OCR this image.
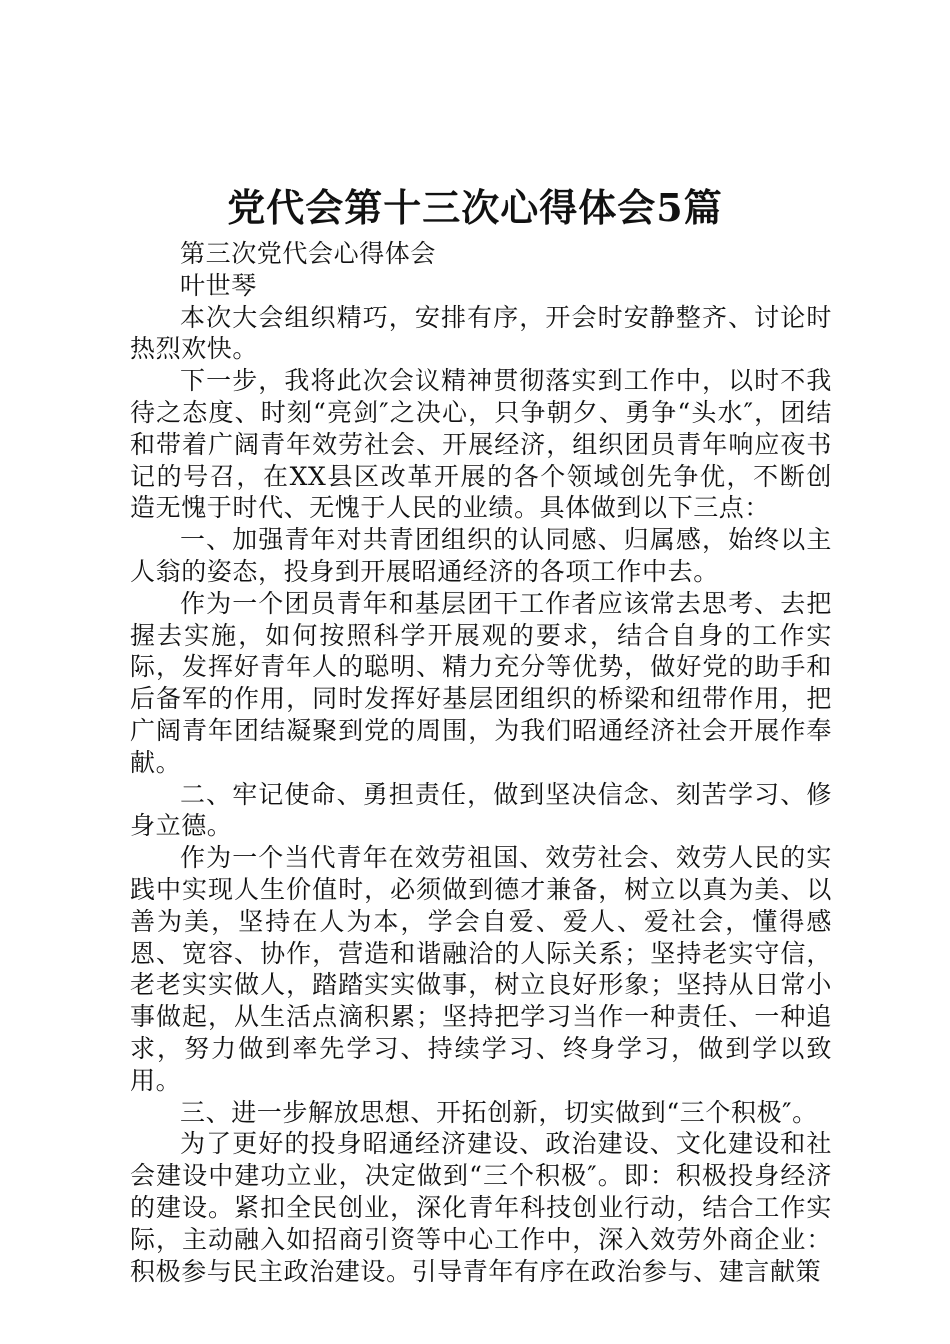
党代会第十三次心得体会5篇

第三次党代会心得体会

叶世琴

本次大会组织精巧，安排有序，开会时安静整齐、讨论时热烈欢快。

下一步，我将此次会议精神贯彻落实到工作中，以时不我待之态度、时刻“亮剑″之决心，只争朝夕、勇争“头水″，团结和带着广阔青年效劳社会、开展经济，组织团员青年响应夜书记的号召，在XX县区改革开展的各个领域创先争优，不断创造无愧于时代、无愧于人民的业绩。具体做到以下三点：

一、加强青年对共青团组织的认同感、归属感，始终以主人翁的姿态，投身到开展昭通经济的各项工作中去。

作为一个团员青年和基层团干工作者应该常去思考、去把握去实施，如何按照科学开展观的要求，结合自身的工作实际，发挥好青年人的聪明、精力充分等优势，做好党的助手和后备军的作用，同时发挥好基层团组织的桥梁和纽带作用，把广阔青年团结凝聚到党的周围，为我们昭通经济社会开展作奉献。

二、牢记使命、勇担责任，做到坚决信念、刻苦学习、修身立德。

作为一个当代青年在效劳祖国、效劳社会、效劳人民的实践中实现人生价值时，必须做到德才兼备，树立以真为美、以善为美，坚持在人为本，学会自爱、爱人、爱社会，懂得感恩、宽容、协作，营造和谐融洽的人际关系；坚持老实守信，老老实实做人，踏踏实实做事，树立良好形象；坚持从日常小事做起，从生活点滴积累；坚持把学习当作一种责任、一种追求，努力做到率先学习、持续学习、终身学习，做到学以致用。

三、进一步解放思想、开拓创新，切实做到“三个积极″。

为了更好的投身昭通经济建设、政治建设、文化建设和社会建设中建功立业，决定做到“三个积极″。即：积极投身经济的建设。紧扣全民创业，深化青年科技创业行动，结合工作实际，主动融入如招商引资等中心工作中，深入效劳外商企业：积极参与民主政治建设。引导青年有序在政治参与、建言献策
